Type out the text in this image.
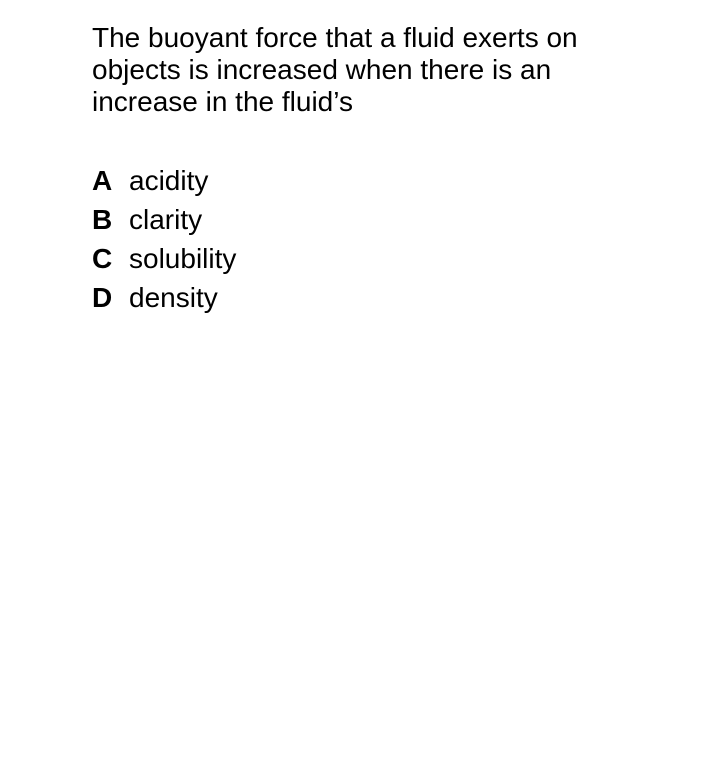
The buoyant force that a fluid exerts on
objects is increased when there is an
increase in the fluid’s

A acidity
B clarity
C solubility
D density
